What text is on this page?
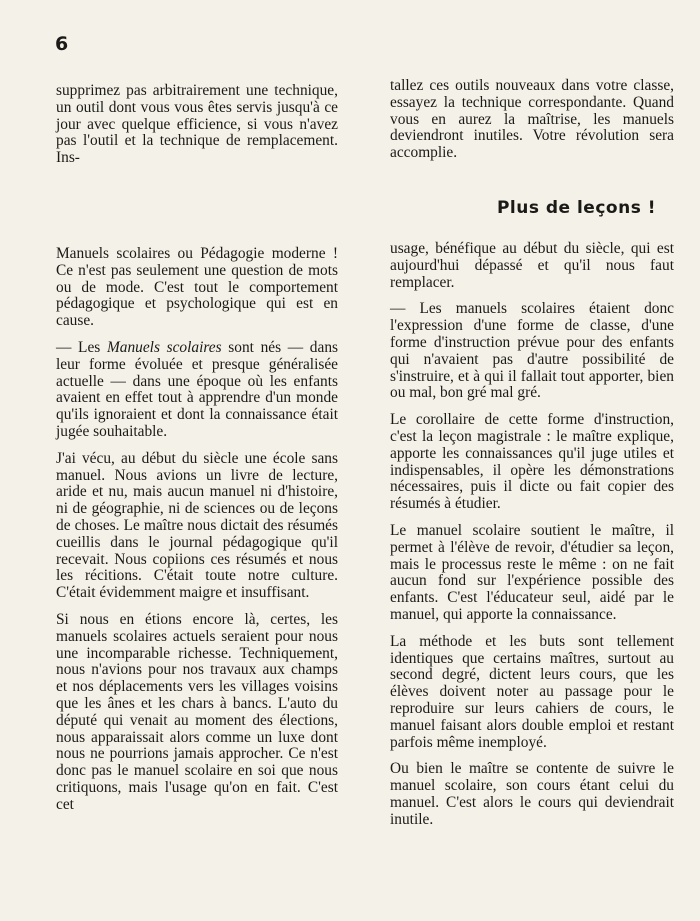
6

supprimez pas arbitrairement une technique, un outil dont vous vous êtes servis jusqu'à ce jour avec quelque efficience, si vous n'avez pas l'outil et la technique de remplacement. Ins-

tallez ces outils nouveaux dans votre classe, essayez la technique correspondante. Quand vous en aurez la maîtrise, les manuels deviendront inutiles. Votre révolution sera accomplie.

Plus de leçons !

Manuels scolaires ou Pédagogie moderne ! Ce n'est pas seulement une question de mots ou de mode. C'est tout le comportement pédagogique et psychologique qui est en cause.

— Les Manuels scolaires sont nés — dans leur forme évoluée et presque généralisée actuelle — dans une époque où les enfants avaient en effet tout à apprendre d'un monde qu'ils ignoraient et dont la connaissance était jugée souhaitable.

J'ai vécu, au début du siècle une école sans manuel. Nous avions un livre de lecture, aride et nu, mais aucun manuel ni d'histoire, ni de géographie, ni de sciences ou de leçons de choses. Le maître nous dictait des résumés cueillis dans le journal pédagogique qu'il recevait. Nous copiions ces résumés et nous les récitions. C'était toute notre culture. C'était évidemment maigre et insuffisant.

Si nous en étions encore là, certes, les manuels scolaires actuels seraient pour nous une incomparable richesse. Techniquement, nous n'avions pour nos travaux aux champs et nos déplacements vers les villages voisins que les ânes et les chars à bancs. L'auto du député qui venait au moment des élections, nous apparaissait alors comme un luxe dont nous ne pourrions jamais approcher. Ce n'est donc pas le manuel scolaire en soi que nous critiquons, mais l'usage qu'on en fait. C'est cet

usage, bénéfique au début du siècle, qui est aujourd'hui dépassé et qu'il nous faut remplacer.

— Les manuels scolaires étaient donc l'expression d'une forme de classe, d'une forme d'instruction prévue pour des enfants qui n'avaient pas d'autre possibilité de s'instruire, et à qui il fallait tout apporter, bien ou mal, bon gré mal gré.

Le corollaire de cette forme d'instruction, c'est la leçon magistrale : le maître explique, apporte les connaissances qu'il juge utiles et indispensables, il opère les démonstrations nécessaires, puis il dicte ou fait copier des résumés à étudier.

Le manuel scolaire soutient le maître, il permet à l'élève de revoir, d'étudier sa leçon, mais le processus reste le même : on ne fait aucun fond sur l'expérience possible des enfants. C'est l'éducateur seul, aidé par le manuel, qui apporte la connaissance.

La méthode et les buts sont tellement identiques que certains maîtres, surtout au second degré, dictent leurs cours, que les élèves doivent noter au passage pour le reproduire sur leurs cahiers de cours, le manuel faisant alors double emploi et restant parfois même inemployé.

Ou bien le maître se contente de suivre le manuel scolaire, son cours étant celui du manuel. C'est alors le cours qui deviendrait inutile.
